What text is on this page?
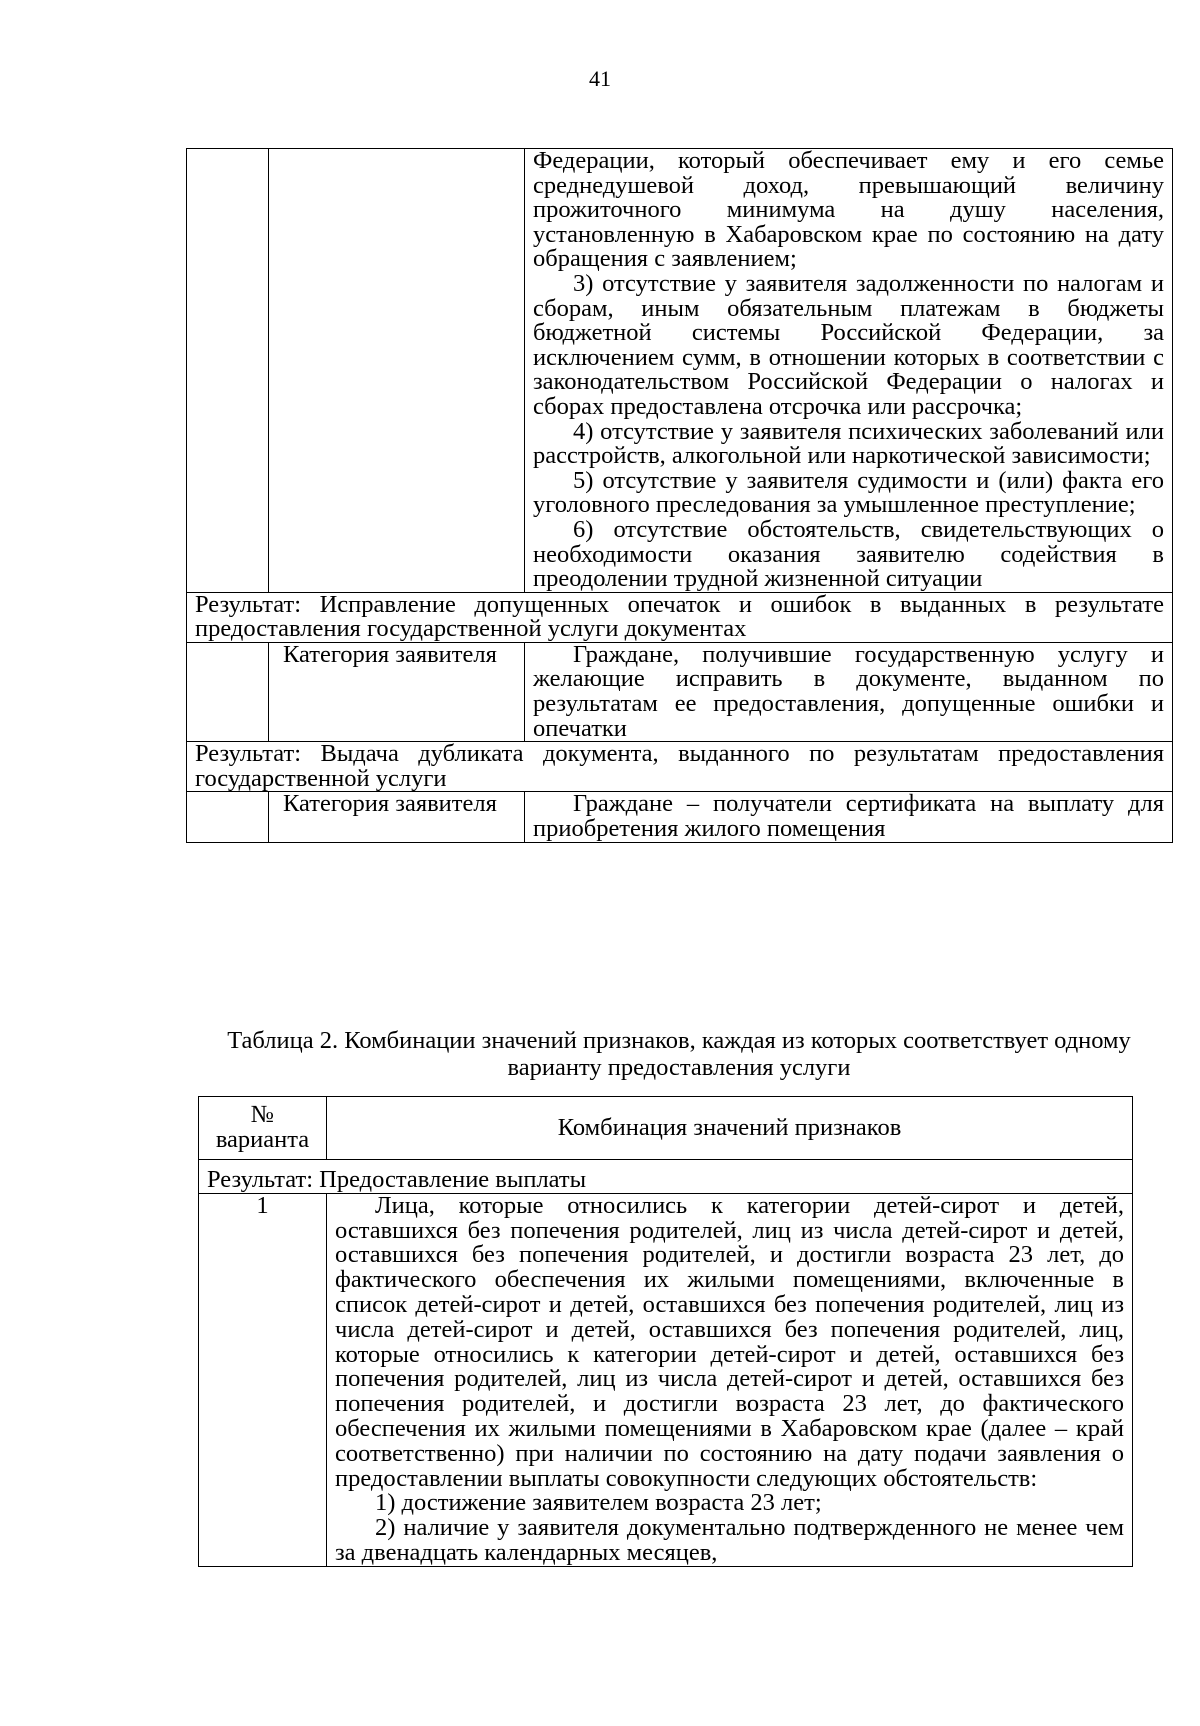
41

		Федерации, который обеспечивает ему и его семье среднедушевой доход, превышающий величину прожиточного минимума на душу населения, установленную в Хабаровском крае по состоянию на дату обращения с заявлением;

3) отсутствие у заявителя задолженности по налогам и сборам, иным обязательным платежам в бюджеты бюджетной системы Российской Федерации, за исключением сумм, в отношении которых в соответствии с законодательством Российской Федерации о налогах и сборах предоставлена отсрочка или рассрочка;

4) отсутствие у заявителя психических заболеваний или расстройств, алкогольной или наркотической зависимости;

5) отсутствие у заявителя судимости и (или) факта его уголовного преследования за умышленное преступление;

6) отсутствие обстоятельств, свидетельствующих о необходимости оказания заявителю содействия в преодолении трудной жизненной ситуации

Результат: Исправление допущенных опечаток и ошибок в выданных в результате предоставления государственной услуги документах		
	Категория заявителя	Граждане, получившие государственную услугу и желающие исправить в документе, выданном по результатам ее предоставления, допущенные ошибки и опечатки
Результат: Выдача дубликата документа, выданного по результатам предоставления государственной услуги		
	Категория заявителя	Граждане – получатели сертификата на выплату для приобретения жилого помещения
Таблица 2. Комбинации значений признаков, каждая из которых соответствует одному варианту предоставления услуги
№ варианта	Комбинация значений признаков
Результат: Предоставление выплаты	
1	Лица, которые относились к категории детей-сирот и детей, оставшихся без попечения родителей, лиц из числа детей-сирот и детей, оставшихся без попечения родителей, и достигли возраста 23 лет, до фактического обеспечения их жилыми помещениями, включенные в список детей-сирот и детей, оставшихся без попечения родителей, лиц из числа детей-сирот и детей, оставшихся без попечения родителей, лиц, которые относились к категории детей-сирот и детей, оставшихся без попечения родителей, лиц из числа детей-сирот и детей, оставшихся без попечения родителей, и достигли возраста 23 лет, до фактического обеспечения их жилыми помещениями в Хабаровском крае (далее – край соответственно) при наличии по состоянию на дату подачи заявления о предоставлении выплаты совокупности следующих обстоятельств:

1) достижение заявителем возраста 23 лет;

2) наличие у заявителя документально подтвержденного не менее чем за двенадцать календарных месяцев,
